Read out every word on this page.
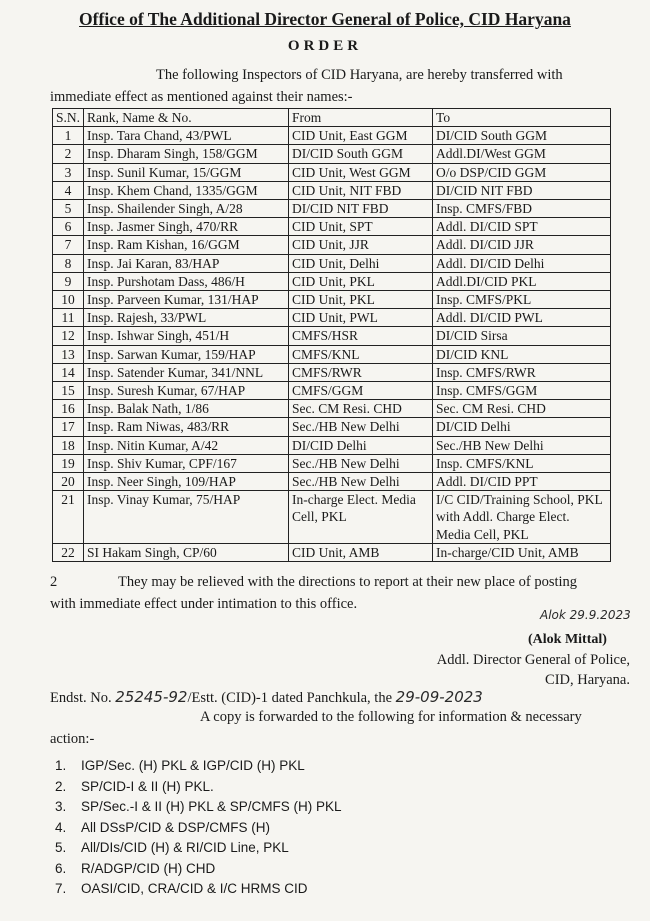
Office of The Additional Director General of Police, CID Haryana
ORDER
The following Inspectors of CID Haryana, are hereby transferred with
immediate effect as mentioned against their names:-
S.N.	Rank, Name & No.	From	To
1	Insp. Tara Chand, 43/PWL	CID Unit, East GGM	DI/CID South GGM
2	Insp. Dharam Singh, 158/GGM	DI/CID South GGM	Addl.DI/West GGM
3	Insp. Sunil Kumar, 15/GGM	CID Unit, West GGM	O/o DSP/CID GGM
4	Insp. Khem Chand, 1335/GGM	CID Unit, NIT FBD	DI/CID NIT FBD
5	Insp. Shailender Singh, A/28	DI/CID NIT FBD	Insp. CMFS/FBD
6	Insp. Jasmer Singh, 470/RR	CID Unit, SPT	Addl. DI/CID SPT
7	Insp. Ram Kishan, 16/GGM	CID Unit, JJR	Addl. DI/CID JJR
8	Insp. Jai Karan, 83/HAP	CID Unit, Delhi	Addl. DI/CID Delhi
9	Insp. Purshotam Dass, 486/H	CID Unit, PKL	Addl.DI/CID PKL
10	Insp. Parveen Kumar, 131/HAP	CID Unit, PKL	Insp. CMFS/PKL
11	Insp. Rajesh, 33/PWL	CID Unit, PWL	Addl. DI/CID PWL
12	Insp. Ishwar Singh, 451/H	CMFS/HSR	DI/CID Sirsa
13	Insp. Sarwan Kumar, 159/HAP	CMFS/KNL	DI/CID KNL
14	Insp. Satender Kumar, 341/NNL	CMFS/RWR	Insp. CMFS/RWR
15	Insp. Suresh Kumar, 67/HAP	CMFS/GGM	Insp. CMFS/GGM
16	Insp. Balak Nath, 1/86	Sec. CM Resi. CHD	Sec. CM Resi. CHD
17	Insp. Ram Niwas, 483/RR	Sec./HB New Delhi	DI/CID Delhi
18	Insp. Nitin Kumar, A/42	DI/CID Delhi	Sec./HB New Delhi
19	Insp. Shiv Kumar, CPF/167	Sec./HB New Delhi	Insp. CMFS/KNL
20	Insp. Neer Singh, 109/HAP	Sec./HB New Delhi	Addl. DI/CID PPT
21	Insp. Vinay Kumar, 75/HAP	In-charge Elect. Media Cell, PKL	I/C CID/Training School, PKL with Addl. Charge Elect. Media Cell, PKL
22	SI Hakam Singh, CP/60	CID Unit, AMB	In-charge/CID Unit, AMB
2	They may be relieved with the directions to report at their new place of posting
with immediate effect under intimation to this office.
Alok 29.9.2023
(Alok Mittal)
Addl. Director General of Police,
CID, Haryana.
Endst. No. 25245-92/Estt. (CID)-1 dated Panchkula, the 29-09-2023
A copy is forwarded to the following for information & necessary
action:-
1. IGP/Sec. (H) PKL & IGP/CID (H) PKL
2. SP/CID-I & II (H) PKL.
3. SP/Sec.-I & II (H) PKL & SP/CMFS (H) PKL
4. All DSsP/CID & DSP/CMFS (H)
5. All/DIs/CID (H) & RI/CID Line, PKL
6. R/ADGP/CID (H) CHD
7. OASI/CID, CRA/CID & I/C HRMS CID
